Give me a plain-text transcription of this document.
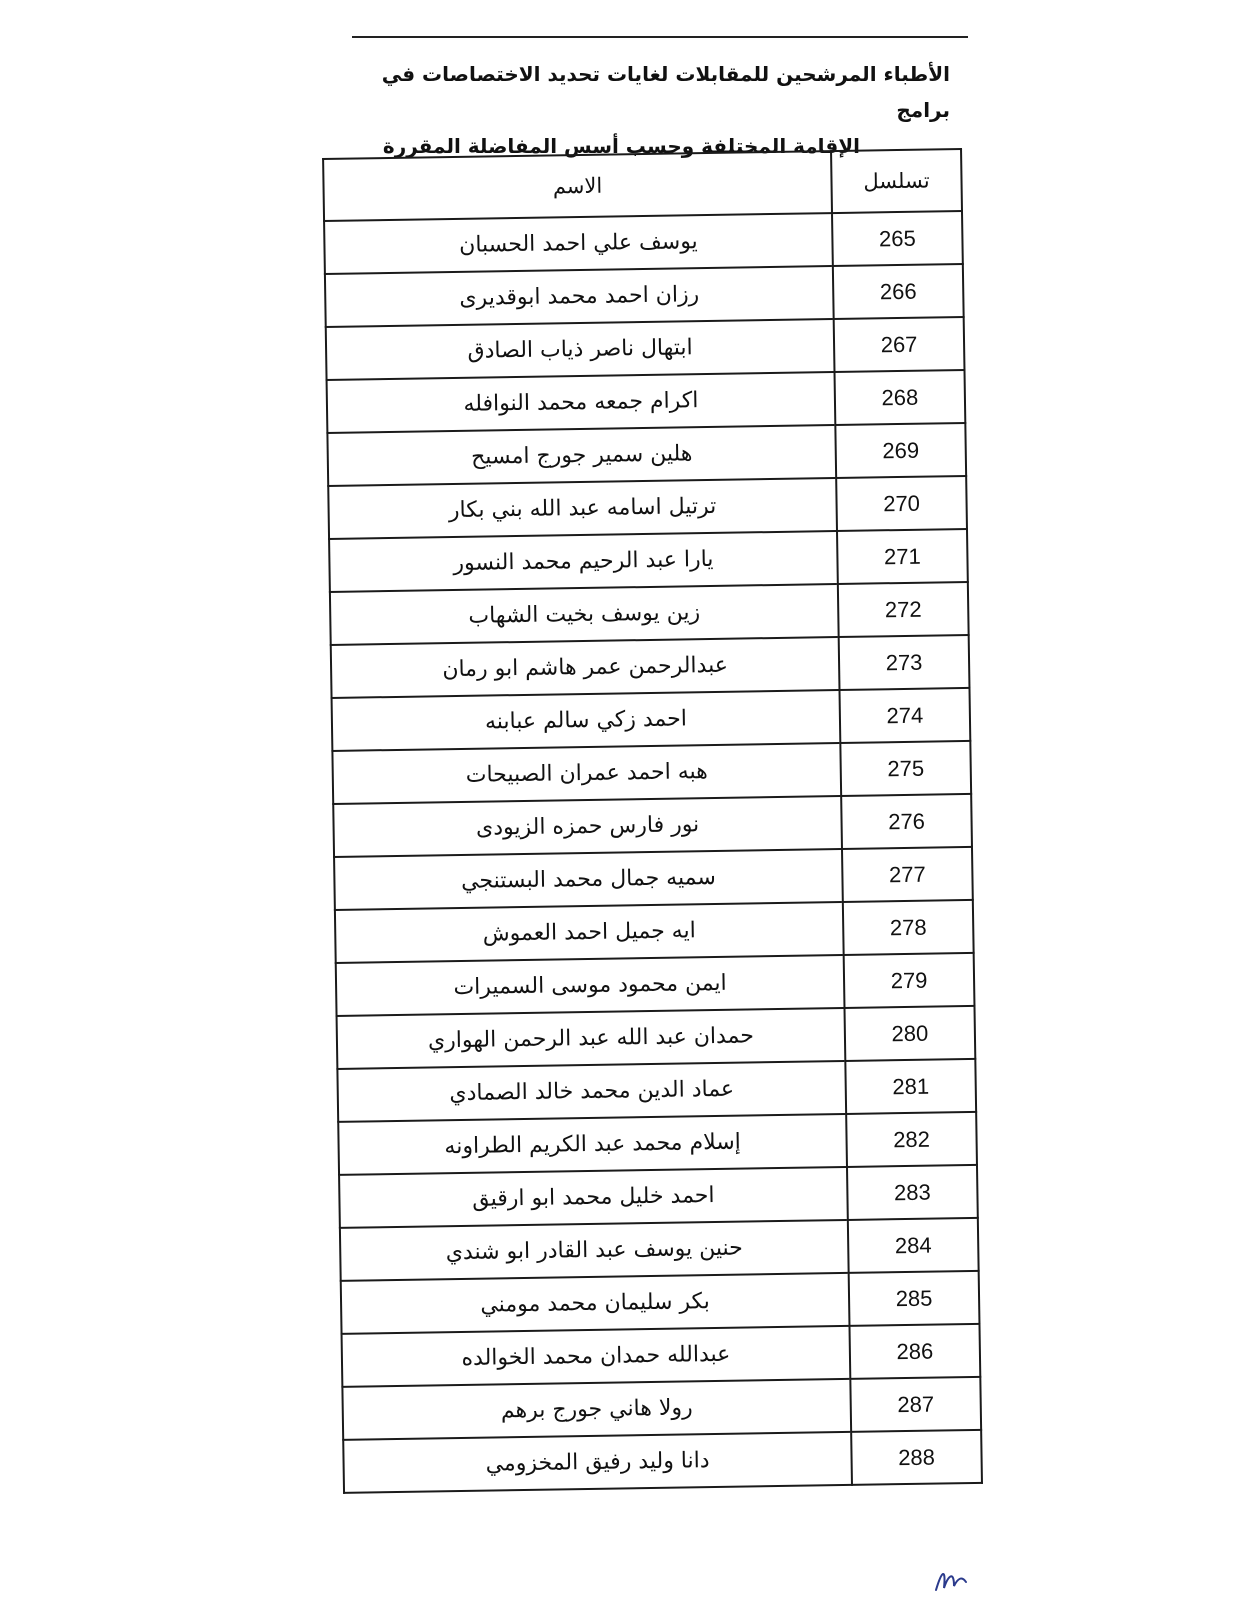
الأطباء المرشحين للمقابلات لغايات تحديد الاختصاصات في برامج
الإقامة المختلفة وحسب أسس المفاضلة المقررة
تسلسل	الاسم
265	يوسف علي احمد الحسبان
266	رزان احمد محمد ابوقديرى
267	ابتهال ناصر ذياب الصادق
268	اكرام جمعه محمد النوافله
269	هلين سمير جورج امسيح
270	ترتيل اسامه عبد الله بني بكار
271	يارا عبد الرحيم محمد النسور
272	زين يوسف بخيت الشهاب
273	عبدالرحمن عمر هاشم ابو رمان
274	احمد زكي سالم عبابنه
275	هبه احمد عمران الصبيحات
276	نور فارس حمزه الزيودى
277	سميه جمال محمد البستنجي
278	ايه جميل احمد العموش
279	ايمن محمود موسى السميرات
280	حمدان عبد الله عبد الرحمن الهواري
281	عماد الدين محمد خالد الصمادي
282	إسلام محمد عبد الكريم الطراونه
283	احمد خليل محمد ابو ارقيق
284	حنين يوسف عبد القادر ابو شندي
285	بكر سليمان محمد مومني
286	عبدالله حمدان محمد الخوالده
287	رولا هاني جورج برهم
288	دانا وليد رفيق المخزومي
